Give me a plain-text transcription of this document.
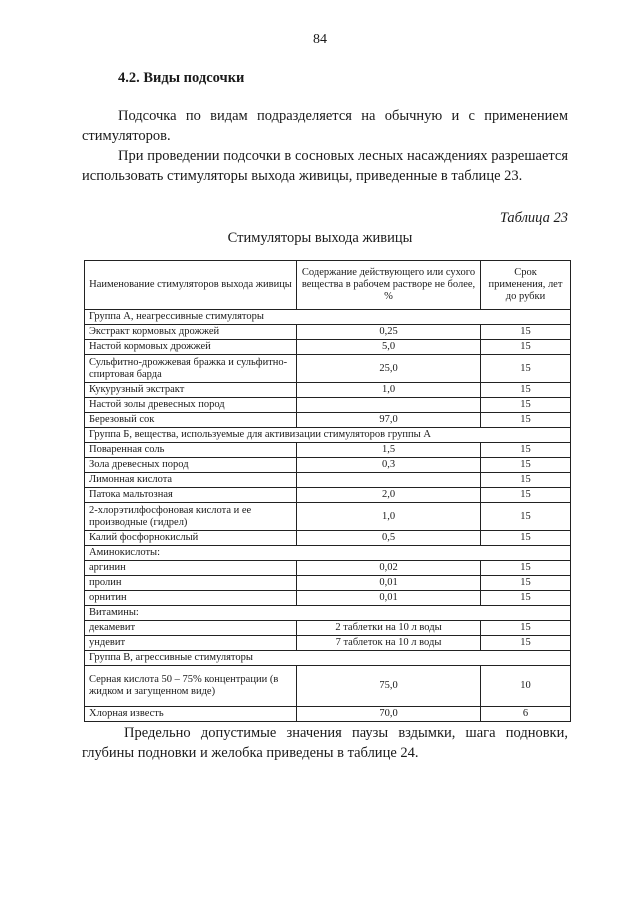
84
4.2. Виды подсочки

Подсочка по видам подразделяется на обычную и с применением стимуляторов.

При проведении подсочки в сосновых лесных насаждениях разрешается использовать стимуляторы выхода живицы, приведенные в таблице 23.

Таблица 23
Стимуляторы выхода живицы
Наименование стимуляторов выхода живицы	Содержание действующего или сухого вещества в рабочем растворе не более, %	Срок применения, лет до рубки
Группа А, неагрессивные стимуляторы		
Экстракт кормовых дрожжей	0,25	15
Настой кормовых дрожжей	5,0	15
Сульфитно-дрожжевая бражка и сульфитно-спиртовая барда	25,0	15
Кукурузный экстракт	1,0	15
Настой золы древесных пород		15
Березовый сок	97,0	15
Группа Б, вещества, используемые для активизации стимуляторов группы А		
Поваренная соль	1,5	15
Зола древесных пород	0,3	15
Лимонная кислота		15
Патока мальтозная	2,0	15
2-хлорэтилфосфоновая кислота и ее производные (гидрел)	1,0	15
Калий фосфорнокислый	0,5	15
Аминокислоты:		
аргинин	0,02	15
пролин	0,01	15
орнитин	0,01	15
Витамины:		
декамевит	2 таблетки на 10 л воды	15
ундевит	7 таблеток на 10 л воды	15
Группа В, агрессивные стимуляторы		
Серная кислота 50 – 75% концентрации (в жидком и загущенном виде)	75,0	10
Хлорная известь	70,0	6

Предельно допустимые значения паузы вздымки, шага подновки, глубины подновки и желобка приведены в таблице 24.
